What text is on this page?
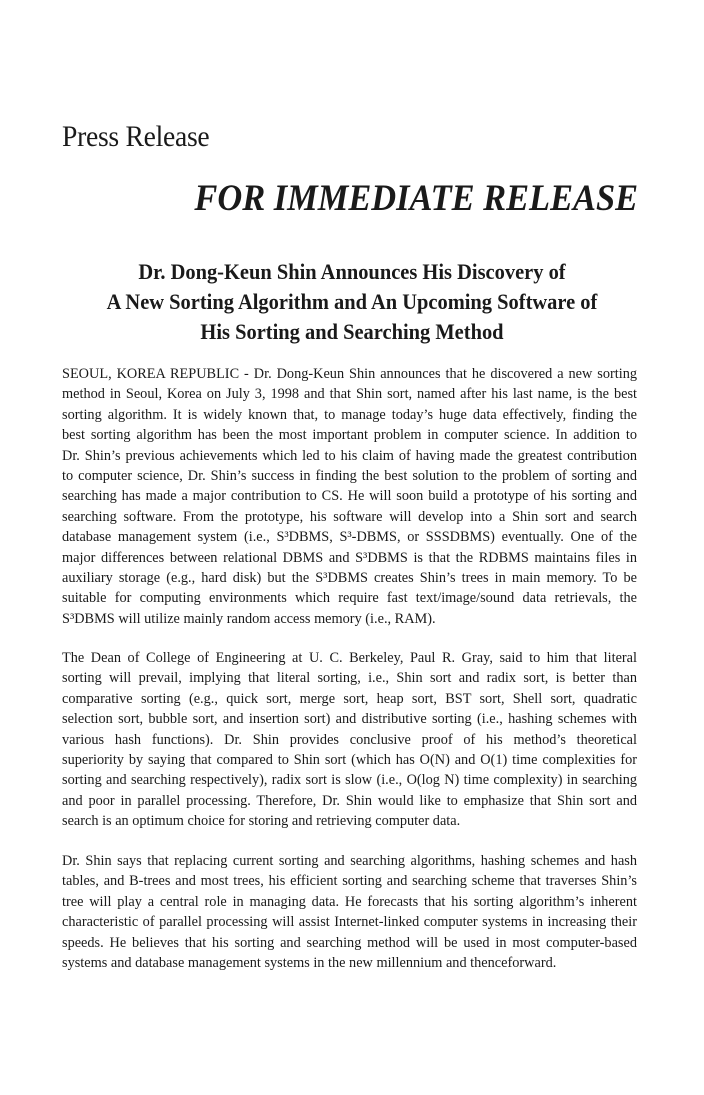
Press Release
FOR IMMEDIATE RELEASE
Dr. Dong-Keun Shin Announces His Discovery of
A New Sorting Algorithm and An Upcoming Software of
His Sorting and Searching Method
SEOUL, KOREA REPUBLIC - Dr. Dong-Keun Shin announces that he discovered a new sorting
method in Seoul, Korea on July 3, 1998 and that Shin sort, named after his last name, is the best
sorting algorithm. It is widely known that, to manage today’s huge data effectively, finding the
best sorting algorithm has been the most important problem in computer science. In addition to
Dr. Shin’s previous achievements which led to his claim of having made the greatest contribution
to computer science, Dr. Shin’s success in finding the best solution to the problem of sorting and
searching has made a major contribution to CS. He will soon build a prototype of his sorting and
searching software. From the prototype, his software will develop into a Shin sort and search
database management system (i.e., S³DBMS, S³-DBMS, or SSSDBMS) eventually. One of the
major differences between relational DBMS and S³DBMS is that the RDBMS maintains files in
auxiliary storage (e.g., hard disk) but the S³DBMS creates Shin’s trees in main memory. To be
suitable for computing environments which require fast text/image/sound data retrievals, the
S³DBMS will utilize mainly random access memory (i.e., RAM).
The Dean of College of Engineering at U. C. Berkeley, Paul R. Gray, said to him that literal
sorting will prevail, implying that literal sorting, i.e., Shin sort and radix sort, is better than
comparative sorting (e.g., quick sort, merge sort, heap sort, BST sort, Shell sort, quadratic
selection sort, bubble sort, and insertion sort) and distributive sorting (i.e., hashing schemes with
various hash functions). Dr. Shin provides conclusive proof of his method’s theoretical
superiority by saying that compared to Shin sort (which has O(N) and O(1) time complexities for
sorting and searching respectively), radix sort is slow (i.e., O(log N) time complexity) in searching
and poor in parallel processing. Therefore, Dr. Shin would like to emphasize that Shin sort and
search is an optimum choice for storing and retrieving computer data.
Dr. Shin says that replacing current sorting and searching algorithms, hashing schemes and hash
tables, and B-trees and most trees, his efficient sorting and searching scheme that traverses Shin’s
tree will play a central role in managing data. He forecasts that his sorting algorithm’s inherent
characteristic of parallel processing will assist Internet-linked computer systems in increasing their
speeds. He believes that his sorting and searching method will be used in most computer-based
systems and database management systems in the new millennium and thenceforward.
